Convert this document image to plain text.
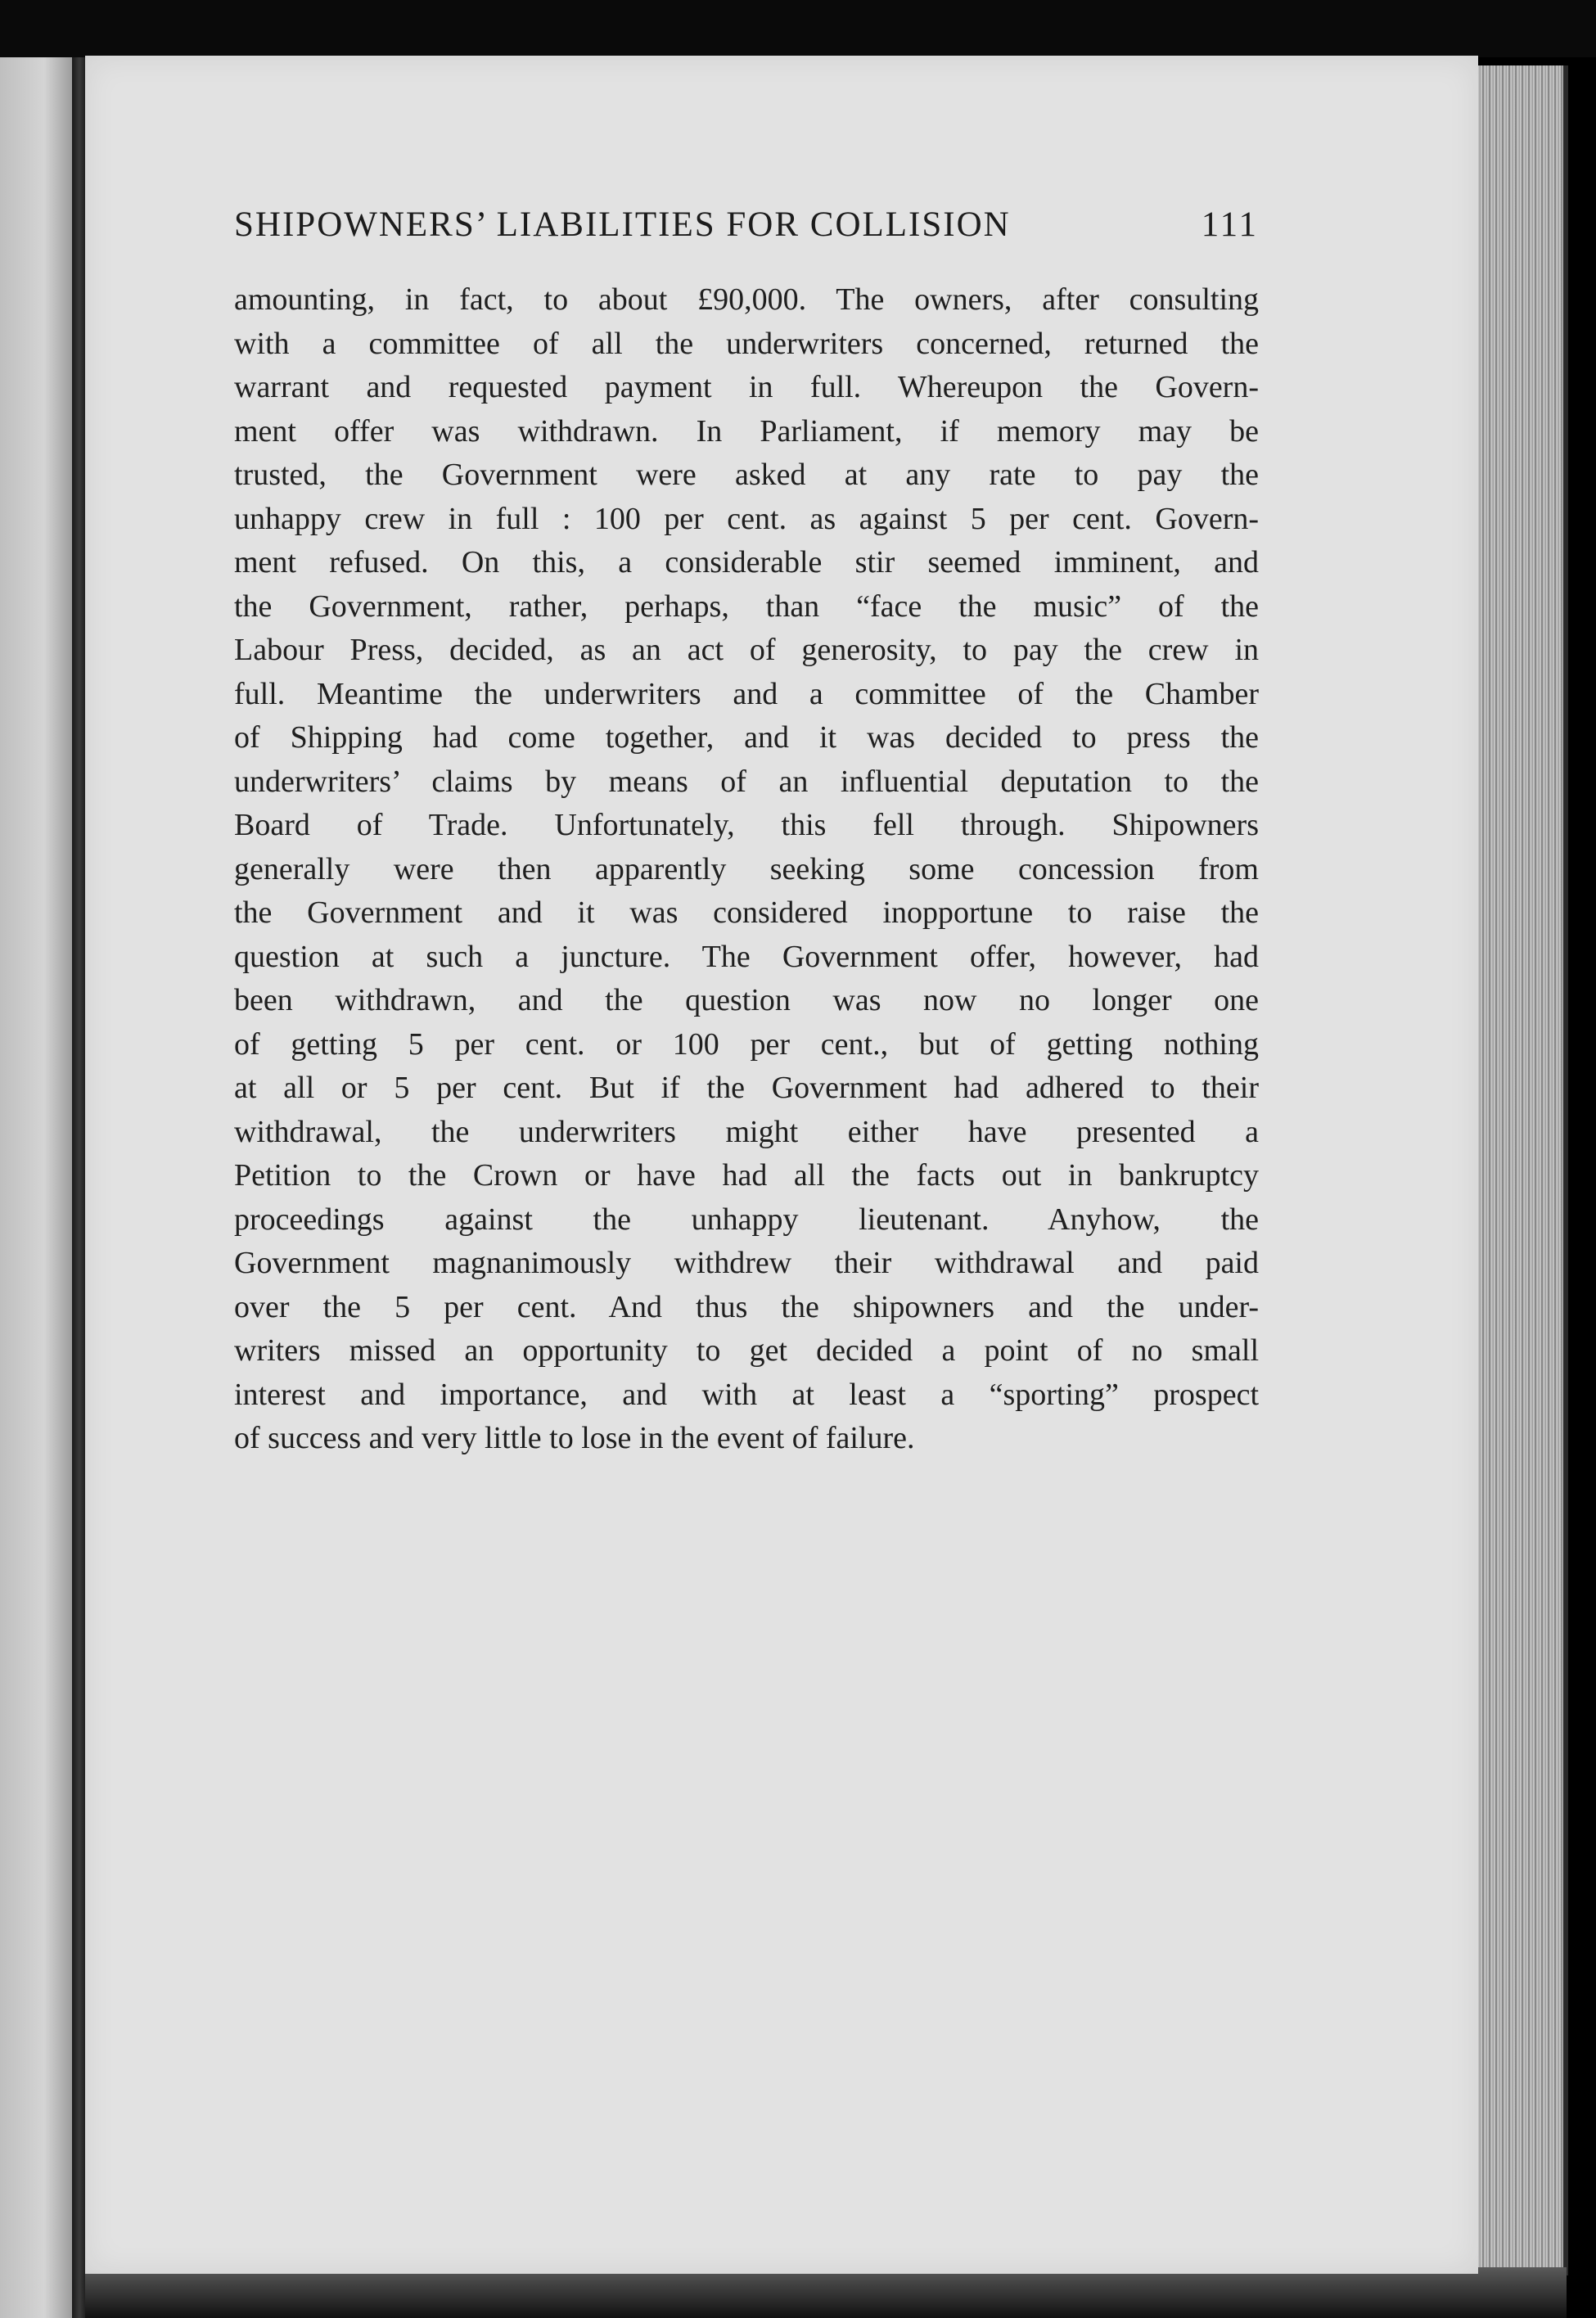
SHIPOWNERS’ LIABILITIES FOR COLLISION	111
amounting, in fact, to about £90,000. The owners, after consulting
with a committee of all the underwriters concerned, returned the
warrant and requested payment in full. Whereupon the Govern-
ment offer was withdrawn. In Parliament, if memory may be
trusted, the Government were asked at any rate to pay the
unhappy crew in full : 100 per cent. as against 5 per cent. Govern-
ment refused. On this, a considerable stir seemed imminent, and
the Government, rather, perhaps, than “face the music” of the
Labour Press, decided, as an act of generosity, to pay the crew in
full. Meantime the underwriters and a committee of the Chamber
of Shipping had come together, and it was decided to press the
underwriters’ claims by means of an influential deputation to the
Board of Trade. Unfortunately, this fell through. Shipowners
generally were then apparently seeking some concession from
the Government and it was considered inopportune to raise the
question at such a juncture. The Government offer, however, had
been withdrawn, and the question was now no longer one
of getting 5 per cent. or 100 per cent., but of getting nothing
at all or 5 per cent. But if the Government had adhered to their
withdrawal, the underwriters might either have presented a
Petition to the Crown or have had all the facts out in bankruptcy
proceedings against the unhappy lieutenant. Anyhow, the
Government magnanimously withdrew their withdrawal and paid
over the 5 per cent. And thus the shipowners and the under-
writers missed an opportunity to get decided a point of no small
interest and importance, and with at least a “sporting” prospect
of success and very little to lose in the event of failure.
